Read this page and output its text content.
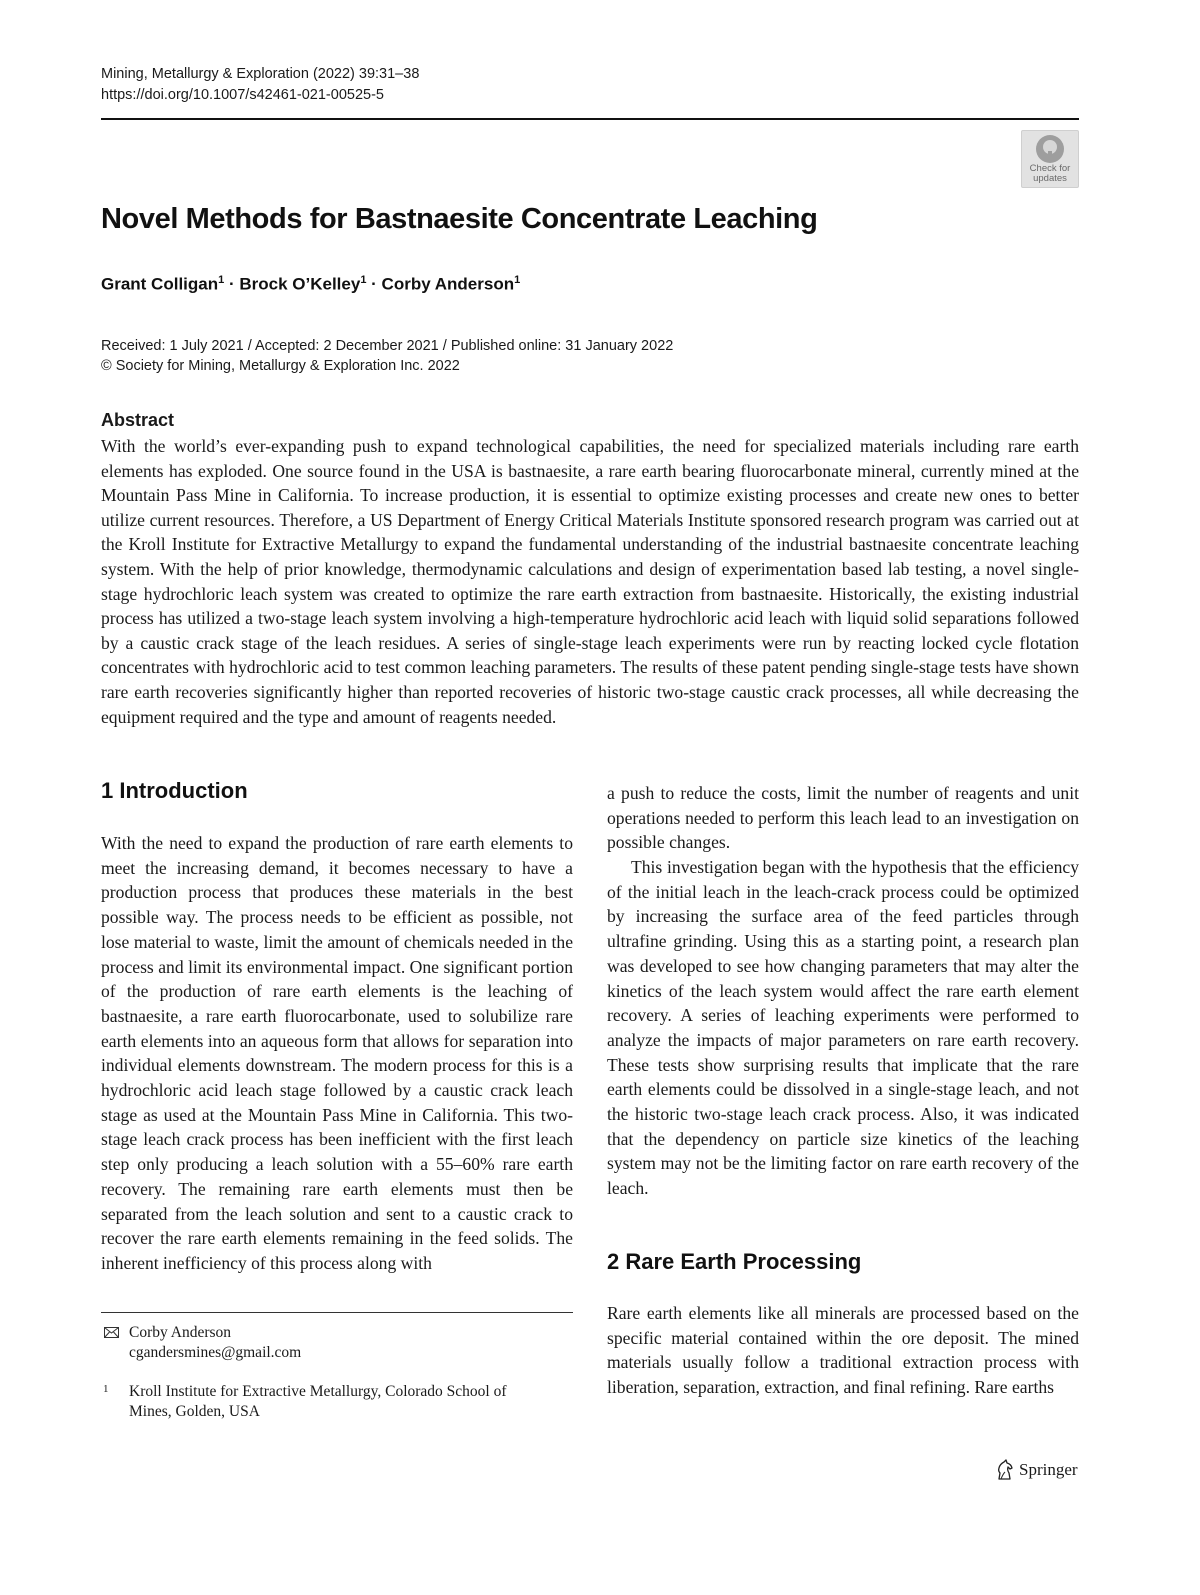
Mining, Metallurgy & Exploration (2022) 39:31–38
https://doi.org/10.1007/s42461-021-00525-5
Check for
updates
Novel Methods for Bastnaesite Concentrate Leaching
Grant Colligan$^1$ · Brock O’Kelley$^1$ · Corby Anderson$^1$
Received: 1 July 2021 / Accepted: 2 December 2021 / Published online: 31 January 2022
© Society for Mining, Metallurgy & Exploration Inc. 2022
Abstract

With the world’s ever-expanding push to expand technological capabilities, the need for specialized materials including rare earth elements has exploded. One source found in the USA is bastnaesite, a rare earth bearing fluorocarbonate mineral, currently mined at the Mountain Pass Mine in California. To increase production, it is essential to optimize existing processes and create new ones to better utilize current resources. Therefore, a US Department of Energy Critical Materials Institute sponsored research program was carried out at the Kroll Institute for Extractive Metallurgy to expand the fundamental understanding of the industrial bastnaesite concentrate leaching system. With the help of prior knowledge, thermodynamic calculations and design of experimentation based lab testing, a novel single-stage hydrochloric leach system was created to optimize the rare earth extraction from bastnaesite. Historically, the existing industrial process has utilized a two-stage leach system involving a high-temperature hydrochloric acid leach with liquid solid separations followed by a caustic crack stage of the leach residues. A series of single-stage leach experiments were run by reacting locked cycle flotation concentrates with hydrochloric acid to test common leaching parameters. The results of these patent pending single-stage tests have shown rare earth recoveries significantly higher than reported recoveries of historic two-stage caustic crack processes, all while decreasing the equipment required and the type and amount of reagents needed.

1 Introduction

With the need to expand the production of rare earth elements to meet the increasing demand, it becomes necessary to have a production process that produces these materials in the best possible way. The process needs to be efficient as possible, not lose material to waste, limit the amount of chemicals needed in the process and limit its environmental impact. One significant portion of the production of rare earth elements is the leaching of bastnaesite, a rare earth fluorocarbonate, used to solubilize rare earth elements into an aqueous form that allows for separation into individual elements downstream. The modern process for this is a hydrochloric acid leach stage followed by a caustic crack leach stage as used at the Mountain Pass Mine in California. This two-stage leach crack process has been inefficient with the first leach step only producing a leach solution with a 55–60% rare earth recovery. The remaining rare earth elements must then be separated from the leach solution and sent to a caustic crack to recover the rare earth elements remaining in the feed solids. The inherent inefficiency of this process along with

a push to reduce the costs, limit the number of reagents and unit operations needed to perform this leach lead to an investigation on possible changes.

This investigation began with the hypothesis that the efficiency of the initial leach in the leach-crack process could be optimized by increasing the surface area of the feed particles through ultrafine grinding. Using this as a starting point, a research plan was developed to see how changing parameters that may alter the kinetics of the leach system would affect the rare earth element recovery. A series of leaching experiments were performed to analyze the impacts of major parameters on rare earth recovery. These tests show surprising results that implicate that the rare earth elements could be dissolved in a single-stage leach, and not the historic two-stage leach crack process. Also, it was indicated that the dependency on particle size kinetics of the leaching system may not be the limiting factor on rare earth recovery of the leach.

2 Rare Earth Processing

Rare earth elements like all minerals are processed based on the specific material contained within the ore deposit. The mined materials usually follow a traditional extraction process with liberation, separation, extraction, and final refining. Rare earths

Corby Anderson
cgandersmines@gmail.com
1 Kroll Institute for Extractive Metallurgy, Colorado School of Mines, Golden, USA
Springer
